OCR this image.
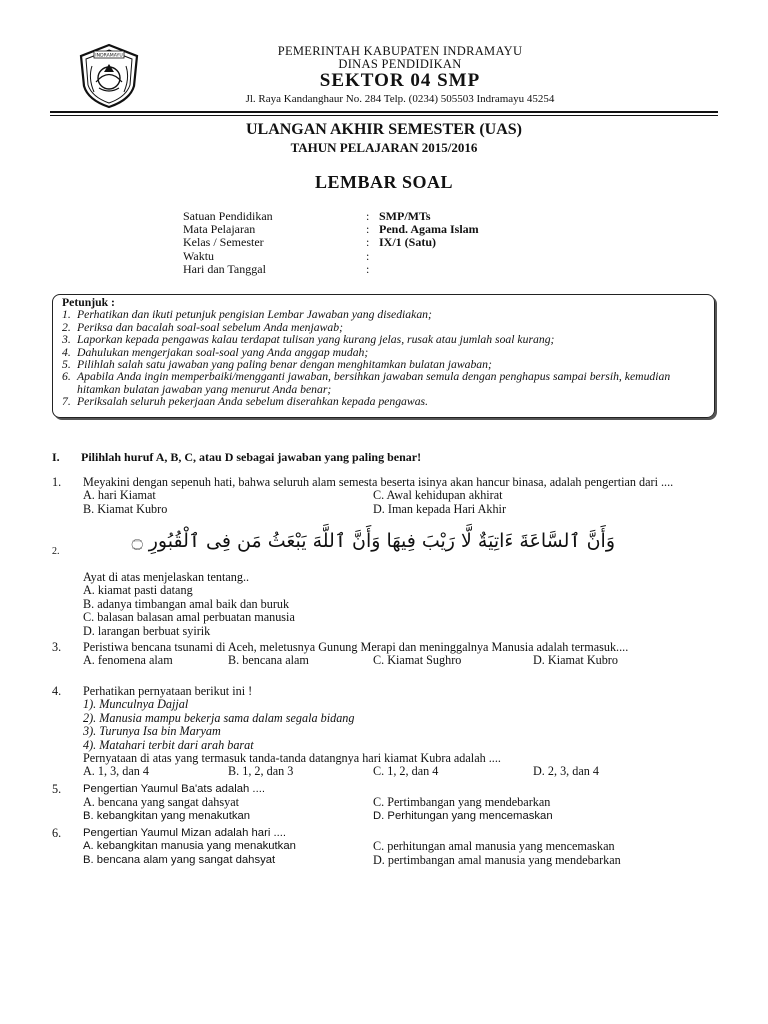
INDRAMAYU	PEMERINTAH KABUPATEN INDRAMAYU
DINAS PENDIDIKAN
SEKTOR 04 SMP
Jl. Raya Kandanghaur No. 284 Telp. (0234) 505503 Indramayu 45254
ULANGAN AKHIR SEMESTER (UAS)
TAHUN PELAJARAN 2015/2016
LEMBAR SOAL
Satuan Pendidikan	: SMP/MTs
Mata Pelajaran	: Pend. Agama Islam
Kelas / Semester	: IX/1 (Satu)
Waktu	:
Hari dan Tanggal	:
Petunjuk :
1. Perhatikan dan ikuti petunjuk pengisian Lembar Jawaban yang disediakan;
2. Periksa dan bacalah soal-soal sebelum Anda menjawab;
3. Laporkan kepada pengawas kalau terdapat tulisan yang kurang jelas, rusak atau jumlah soal kurang;
4. Dahulukan mengerjakan soal-soal yang Anda anggap mudah;
5. Pilihlah salah satu jawaban yang paling benar dengan menghitamkan bulatan jawaban;
6. Apabila Anda ingin memperbaiki/mengganti jawaban, bersihkan jawaban semula dengan penghapus sampai bersih, kemudian hitamkan bulatan jawaban yang menurut Anda benar;
7. Periksalah seluruh pekerjaan Anda sebelum diserahkan kepada pengawas.
I. Pilihlah huruf A, B, C, atau D sebagai jawaban yang paling benar!
1. Meyakini dengan sepenuh hati, bahwa seluruh alam semesta beserta isinya akan hancur binasa, adalah pengertian dari ....
A. hari Kiamat	C. Awal kehidupan akhirat
B. Kiamat Kubro	D. Iman kepada Hari Akhir
2.	وَأَنَّ ٱلسَّاعَةَ ءَاتِيَةٌ لَّا رَيْبَ فِيهَا وَأَنَّ ٱللَّهَ يَبْعَثُ مَن فِى ٱلْقُبُورِ ۝
Ayat di atas menjelaskan tentang..
A. kiamat pasti datang
B. adanya timbangan amal baik dan buruk
C. balasan balasan amal perbuatan manusia
D. larangan berbuat syirik
3. Peristiwa bencana tsunami di Aceh, meletusnya Gunung Merapi dan meninggalnya Manusia adalah termasuk....
A. fenomena alam	B. bencana alam	C. Kiamat Sughro	D. Kiamat Kubro
4. Perhatikan pernyataan berikut ini !
1). Munculnya Dajjal
2). Manusia mampu bekerja sama dalam segala bidang
3). Turunya Isa bin Maryam
4). Matahari terbit dari arah barat
Pernyataan di atas yang termasuk tanda-tanda datangnya hari kiamat Kubra adalah ....
A. 1, 3, dan 4	B. 1, 2, dan 3	C. 1, 2, dan 4	D. 2, 3, dan 4
5. Pengertian Yaumul Ba'ats adalah ....
A. bencana yang sangat dahsyat	C. Pertimbangan yang mendebarkan
B. kebangkitan yang menakutkan	D. Perhitungan yang mencemaskan
6. Pengertian Yaumul Mizan adalah hari ....
A. kebangkitan manusia yang menakutkan	C. perhitungan amal manusia yang mencemaskan
B. bencana alam yang sangat dahsyat	D. pertimbangan amal manusia yang mendebarkan
